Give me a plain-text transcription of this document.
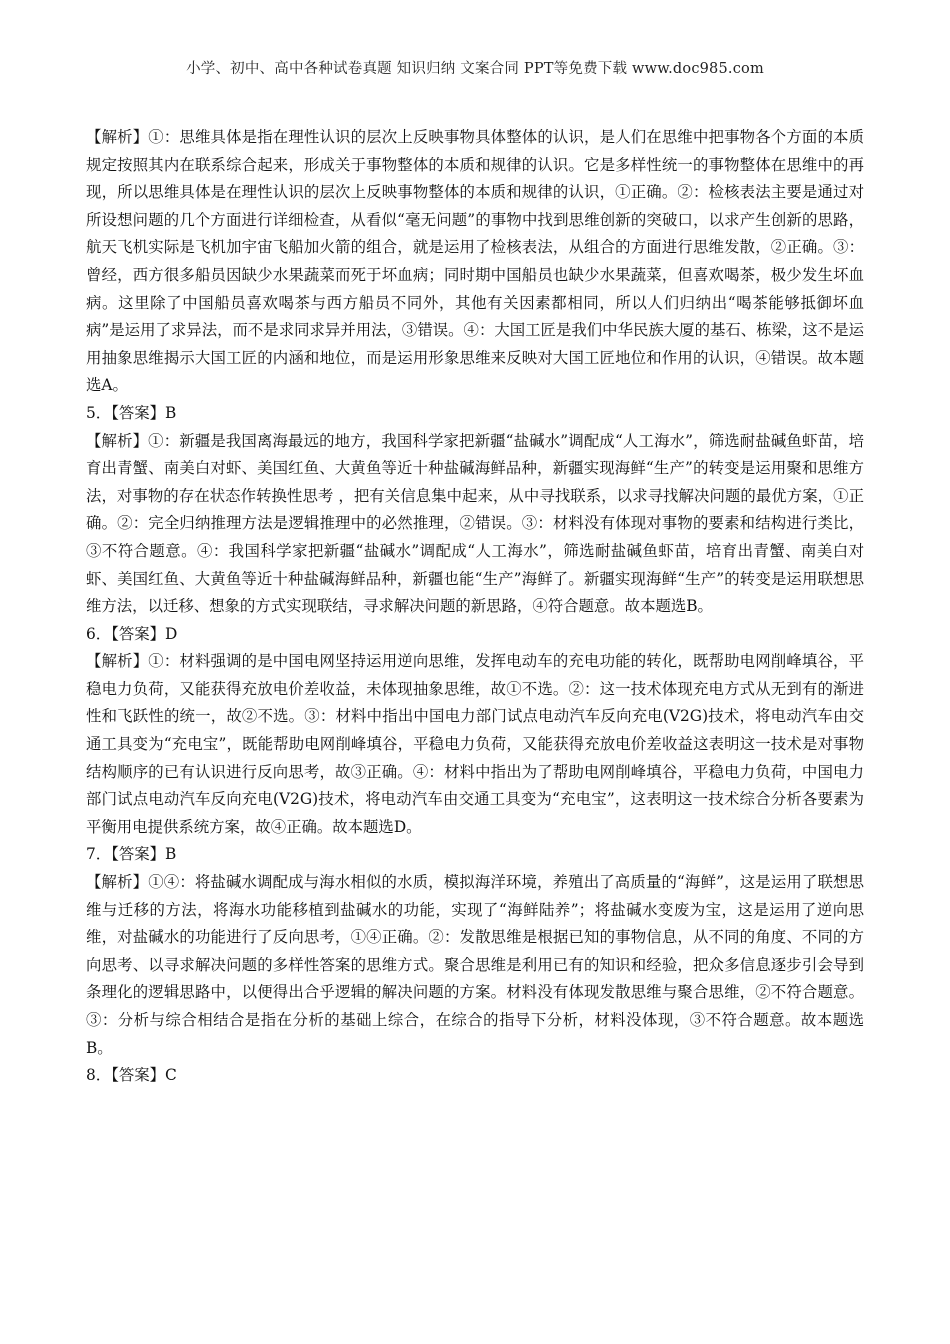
小学、初中、高中各种试卷真题 知识归纳 文案合同 PPT等免费下载 www.doc985.com

【解析】①：思维具体是指在理性认识的层次上反映事物具体整体的认识，是人们在思维中把事物各个方面的本质规定按照其内在联系综合起来，形成关于事物整体的本质和规律的认识。它是多样性统一的事物整体在思维中的再现，所以思维具体是在理性认识的层次上反映事物整体的本质和规律的认识，①正确。②：检核表法主要是通过对所设想问题的几个方面进行详细检查，从看似“毫无问题”的事物中找到思维创新的突破口，以求产生创新的思路，航天飞机实际是飞机加宇宙飞船加火箭的组合，就是运用了检核表法，从组合的方面进行思维发散，②正确。③：曾经，西方很多船员因缺少水果蔬菜而死于坏血病；同时期中国船员也缺少水果蔬菜，但喜欢喝茶，极少发生坏血病。这里除了中国船员喜欢喝茶与西方船员不同外，其他有关因素都相同，所以人们归纳出“喝茶能够抵御坏血病”是运用了求异法，而不是求同求异并用法，③错误。④：大国工匠是我们中华民族大厦的基石、栋梁，这不是运用抽象思维揭示大国工匠的内涵和地位，而是运用形象思维来反映对大国工匠地位和作用的认识，④错误。故本题选A。

5．【答案】B

【解析】①：新疆是我国离海最远的地方，我国科学家把新疆“盐碱水”调配成“人工海水”，筛选耐盐碱鱼虾苗，培育出青蟹、南美白对虾、美国红鱼、大黄鱼等近十种盐碱海鲜品种，新疆实现海鲜“生产”的转变是运用聚和思维方法，对事物的存在状态作转换性思考 ，把有关信息集中起来，从中寻找联系，以求寻找解决问题的最优方案，①正确。②：完全归纳推理方法是逻辑推理中的必然推理，②错误。③：材料没有体现对事物的要素和结构进行类比，③不符合题意。④：我国科学家把新疆“盐碱水”调配成“人工海水”，筛选耐盐碱鱼虾苗，培育出青蟹、南美白对虾、美国红鱼、大黄鱼等近十种盐碱海鲜品种，新疆也能“生产”海鲜了。新疆实现海鲜“生产”的转变是运用联想思维方法，以迁移、想象的方式实现联结，寻求解决问题的新思路，④符合题意。故本题选B。

6．【答案】D

【解析】①：材料强调的是中国电网坚持运用逆向思维，发挥电动车的充电功能的转化，既帮助电网削峰填谷，平稳电力负荷，又能获得充放电价差收益，未体现抽象思维，故①不选。②：这一技术体现充电方式从无到有的渐进性和飞跃性的统一，故②不选。③：材料中指出中国电力部门试点电动汽车反向充电(V2G)技术，将电动汽车由交通工具变为“充电宝”，既能帮助电网削峰填谷，平稳电力负荷，又能获得充放电价差收益这表明这一技术是对事物结构顺序的已有认识进行反向思考，故③正确。④：材料中指出为了帮助电网削峰填谷，平稳电力负荷，中国电力部门试点电动汽车反向充电(V2G)技术，将电动汽车由交通工具变为“充电宝”，这表明这一技术综合分析各要素为平衡用电提供系统方案，故④正确。故本题选D。

7．【答案】B

【解析】①④：将盐碱水调配成与海水相似的水质，模拟海洋环境，养殖出了高质量的“海鲜”，这是运用了联想思维与迁移的方法，将海水功能移植到盐碱水的功能，实现了“海鲜陆养”；将盐碱水变废为宝，这是运用了逆向思维，对盐碱水的功能进行了反向思考，①④正确。②：发散思维是根据已知的事物信息，从不同的角度、不同的方向思考、以寻求解决问题的多样性答案的思维方式。聚合思维是利用已有的知识和经验，把众多信息逐步引会导到条理化的逻辑思路中，以便得出合乎逻辑的解决问题的方案。材料没有体现发散思维与聚合思维，②不符合题意。③：分析与综合相结合是指在分析的基础上综合，在综合的指导下分析，材料没体现，③不符合题意。故本题选B。

8．【答案】C
